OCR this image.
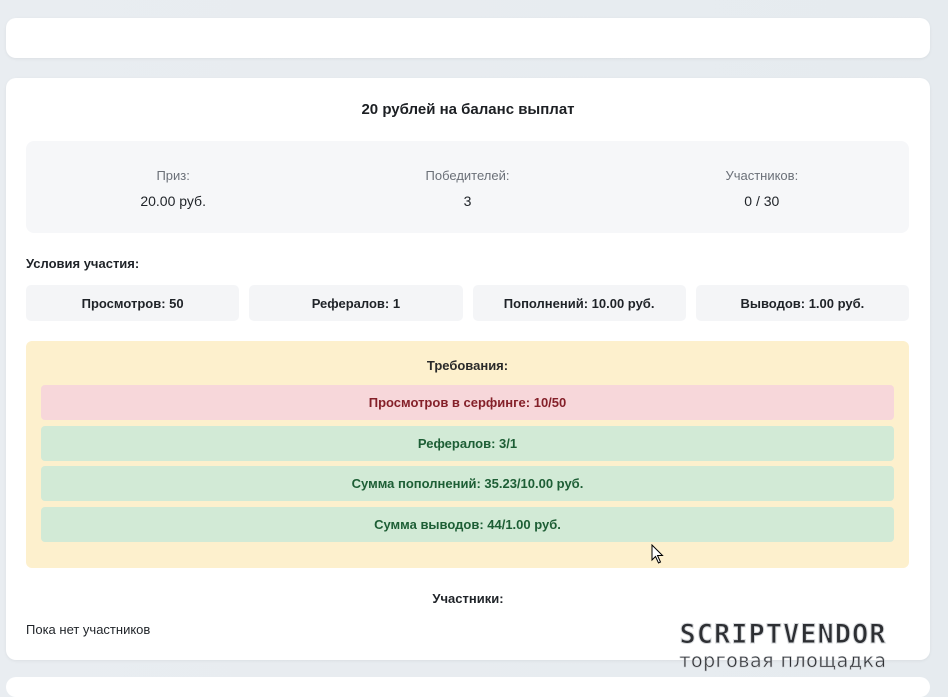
20 рублей на баланс выплат
Приз:
20.00 руб.
Победителей:
3
Участников:
0 / 30
Условия участия:
Просмотров: 50	Рефералов: 1	Пополнений: 10.00 руб.	Выводов: 1.00 руб.
Требования:
Просмотров в серфинге: 10/50
Рефералов: 3/1
Сумма пополнений: 35.23/10.00 руб.
Сумма выводов: 44/1.00 руб.
Участники:
Пока нет участников	SCRIPTVENDOR
торговая площадка
